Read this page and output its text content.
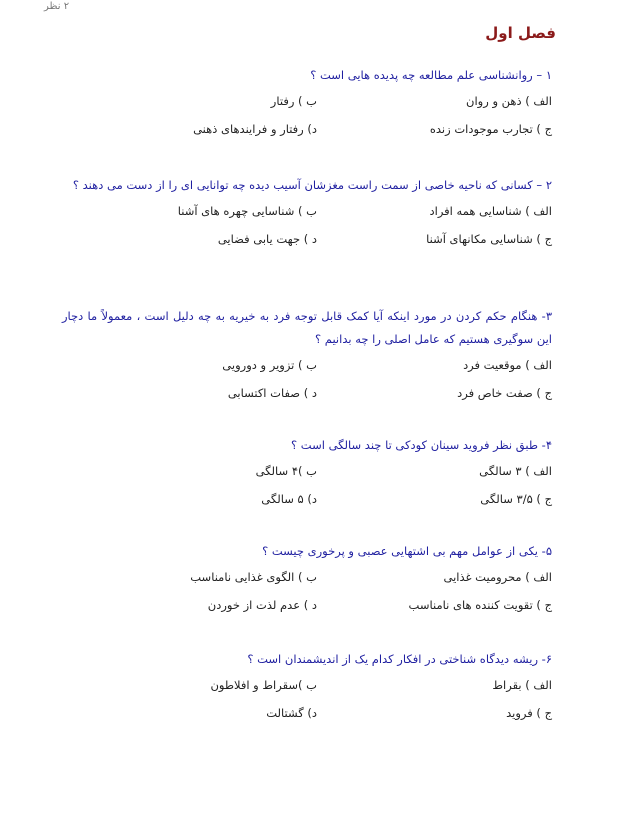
۲ نظر
فصل اول
۱ – روانشناسی علم مطالعه چه پدیده هایی است ؟
الف ) ذهن و روان
ب ) رفتار
ج ) تجارب موجودات زنده
د) رفتار و فرایندهای ذهنی
۲ – کسانی که ناحیه خاصی از سمت راست مغزشان آسیب دیده چه توانایی ای را از دست می دهند ؟
الف ) شناسایی همه افراد
ب ) شناسایی چهره های آشنا
ج ) شناسایی مکانهای آشنا
د ) جهت یابی فضایی
۳- هنگام حکم کردن در مورد اینکه آیا کمک قابل توجه فرد به خیریه به چه دلیل است ، معمولاً ما دچار این سوگیری هستیم که عامل اصلی را چه بدانیم ؟
الف ) موقعیت فرد
ب ) تزویر و دورویی
ج ) صفت خاص فرد
د ) صفات اکتسابی
۴- طبق نظر فروید سینان کودکی تا چند سالگی است ؟
الف ) ۳ سالگی
ب )۴ سالگی
ج ) ۳/۵ سالگی
د) ۵ سالگی
۵- یکی از عوامل مهم بی اشتهایی عصبی و پرخوری چیست ؟
الف ) محرومیت غذایی
ب ) الگوی غذایی نامناسب
ج ) تقویت کننده های نامناسب
د ) عدم لذت از خوردن
۶- ریشه دیدگاه شناختی در افکار کدام یک از اندیشمندان است ؟
الف ) بقراط
ب )سقراط و افلاطون
ج ) فروید
د) گشتالت
